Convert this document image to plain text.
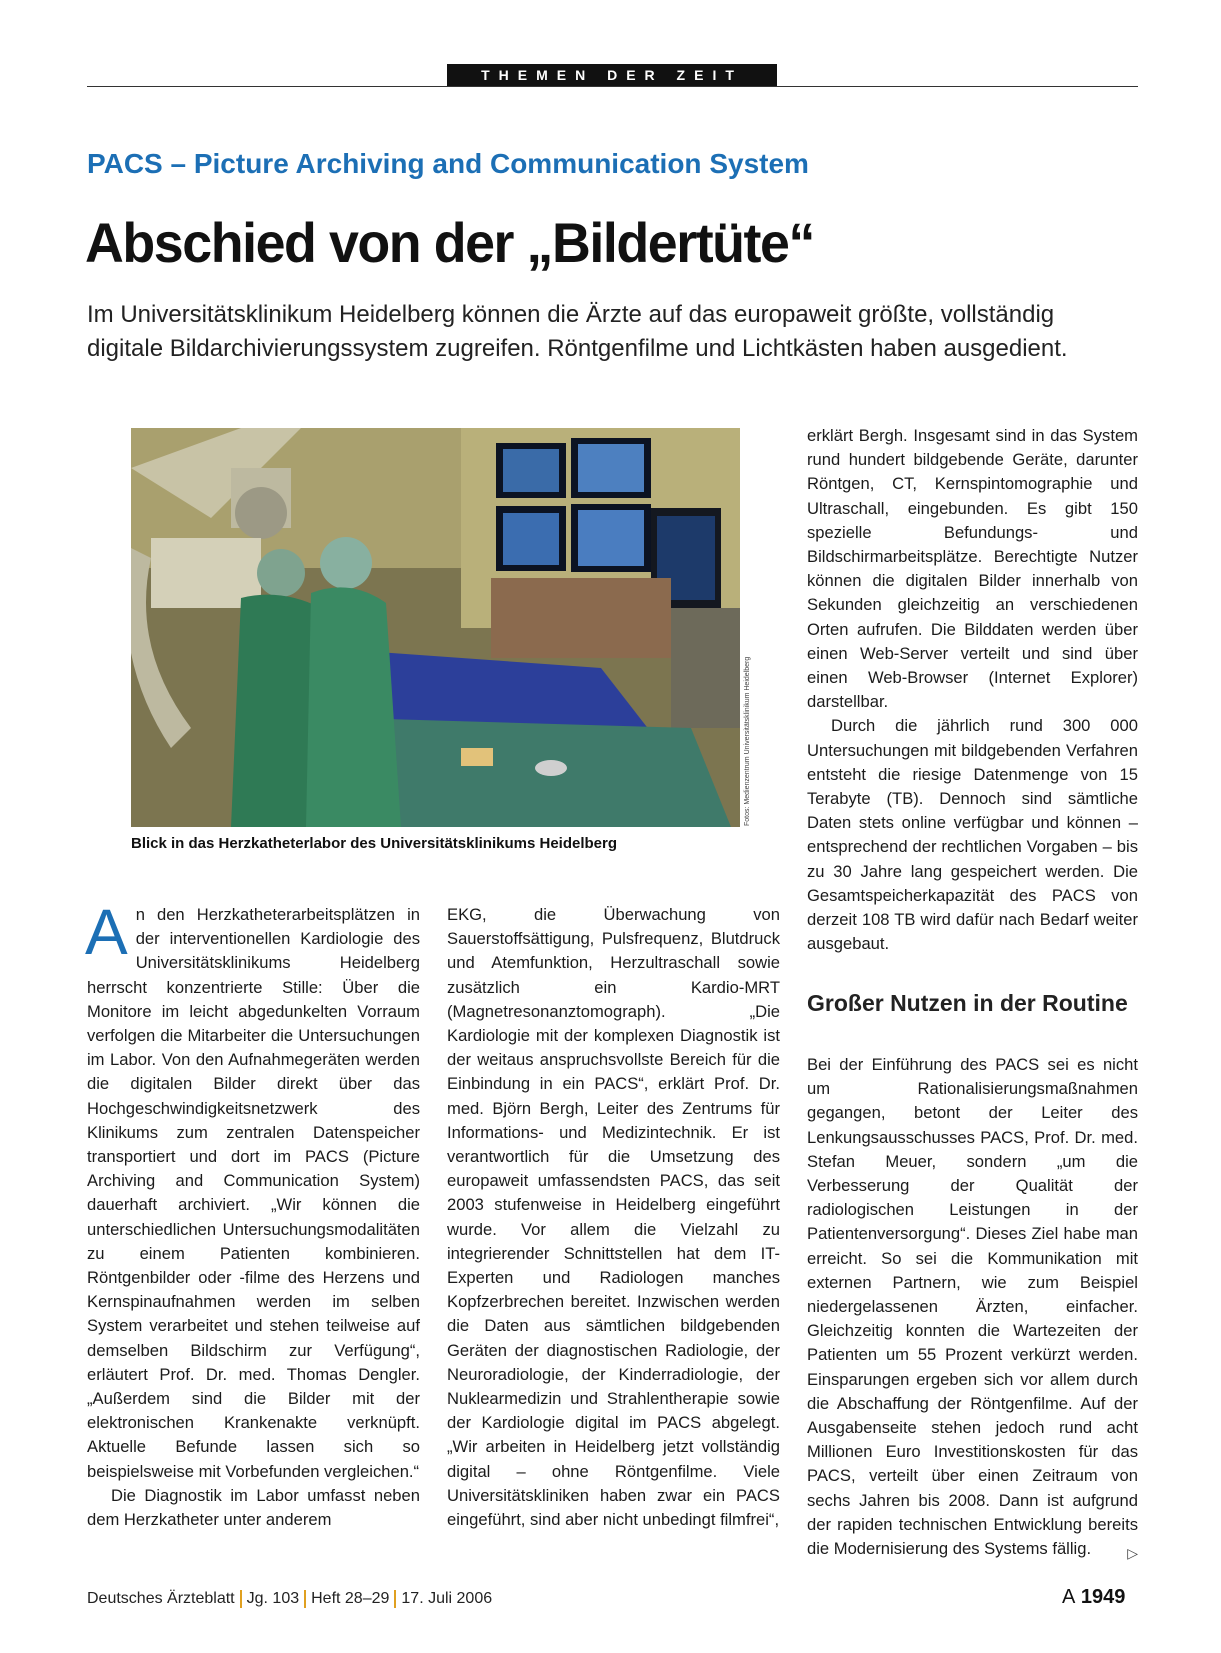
THEMEN DER ZEIT
PACS – Picture Archiving and Communication System
Abschied von der „Bildertüte“

Im Universitätsklinikum Heidelberg können die Ärzte auf das europaweit größte, vollständig

digitale Bildarchivierungssystem zugreifen. Röntgenfilme und Lichtkästen haben ausgedient.

Fotos: Medienzentrum Universitätsklinikum Heidelberg
Blick in das Herzkatheterlabor des Universitätsklinikums Heidelberg

An den Herzkatheterarbeitsplätzen in der interventionellen Kardiologie des Universitätsklinikums Heidelberg herrscht konzentrierte Stille: Über die Monitore im leicht abgedunkelten Vorraum verfolgen die Mitarbeiter die Untersuchungen im Labor. Von den Aufnahmegeräten werden die digitalen Bilder direkt über das Hochgeschwindigkeitsnetzwerk des Klinikums zum zentralen Datenspeicher transportiert und dort im PACS (Picture Archiving and Communication System) dauerhaft archiviert. „Wir können die unterschiedlichen Untersuchungsmodalitäten zu einem Patienten kombinieren. Röntgenbilder oder -filme des Herzens und Kernspinaufnahmen werden im selben System verarbeitet und stehen teilweise auf demselben Bildschirm zur Verfügung“, erläutert Prof. Dr. med. Thomas Dengler. „Außerdem sind die Bilder mit der elektronischen Krankenakte verknüpft. Aktuelle Befunde lassen sich so beispielsweise mit Vorbefunden vergleichen.“

Die Diagnostik im Labor umfasst neben dem Herzkatheter unter anderem

EKG, die Überwachung von Sauerstoffsättigung, Pulsfrequenz, Blutdruck und Atemfunktion, Herzultraschall sowie zusätzlich ein Kardio-MRT (Magnetresonanztomograph). „Die Kardiologie mit der komplexen Diagnostik ist der weitaus anspruchsvollste Bereich für die Einbindung in ein PACS“, erklärt Prof. Dr. med. Björn Bergh, Leiter des Zentrums für Informations- und Medizintechnik. Er ist verantwortlich für die Umsetzung des europaweit umfassendsten PACS, das seit 2003 stufenweise in Heidelberg eingeführt wurde. Vor allem die Vielzahl zu integrierender Schnittstellen hat dem IT-Experten und Radiologen manches Kopfzerbrechen bereitet. Inzwischen werden die Daten aus sämtlichen bildgebenden Geräten der diagnostischen Radiologie, der Neuroradiologie, der Kinderradiologie, der Nuklearmedizin und Strahlentherapie sowie der Kardiologie digital im PACS abgelegt. „Wir arbeiten in Heidelberg jetzt vollständig digital – ohne Röntgenfilme. Viele Universitätskliniken haben zwar ein PACS eingeführt, sind aber nicht unbedingt filmfrei“,

erklärt Bergh. Insgesamt sind in das System rund hundert bildgebende Geräte, darunter Röntgen, CT, Kernspintomographie und Ultraschall, eingebunden. Es gibt 150 spezielle Befundungs- und Bildschirmarbeitsplätze. Berechtigte Nutzer können die digitalen Bilder innerhalb von Sekunden gleichzeitig an verschiedenen Orten aufrufen. Die Bilddaten werden über einen Web-Server verteilt und sind über einen Web-Browser (Internet Explorer) darstellbar.

Durch die jährlich rund 300 000 Untersuchungen mit bildgebenden Verfahren entsteht die riesige Datenmenge von 15 Terabyte (TB). Dennoch sind sämtliche Daten stets online verfügbar und können – entsprechend der rechtlichen Vorgaben – bis zu 30 Jahre lang gespeichert werden. Die Gesamtspeicherkapazität des PACS von derzeit 108 TB wird dafür nach Bedarf weiter ausgebaut.

Großer Nutzen in der Routine

Bei der Einführung des PACS sei es nicht um Rationalisierungsmaßnahmen gegangen, betont der Leiter des Lenkungsausschusses PACS, Prof. Dr. med. Stefan Meuer, sondern „um die Verbesserung der Qualität der radiologischen Leistungen in der Patientenversorgung“. Dieses Ziel habe man erreicht. So sei die Kommunikation mit externen Partnern, wie zum Beispiel niedergelassenen Ärzten, einfacher. Gleichzeitig konnten die Wartezeiten der Patienten um 55 Prozent verkürzt werden. Einsparungen ergeben sich vor allem durch die Abschaffung der Röntgenfilme. Auf der Ausgabenseite stehen jedoch rund acht Millionen Euro Investitionskosten für das PACS, verteilt über einen Zeitraum von sechs Jahren bis 2008. Dann ist aufgrund der rapiden technischen Entwicklung bereits die Modernisierung des Systems fällig.	▷

Deutsches Ärzteblatt Jg. 103 Heft 28–29 17. Juli 2006	A 1949
